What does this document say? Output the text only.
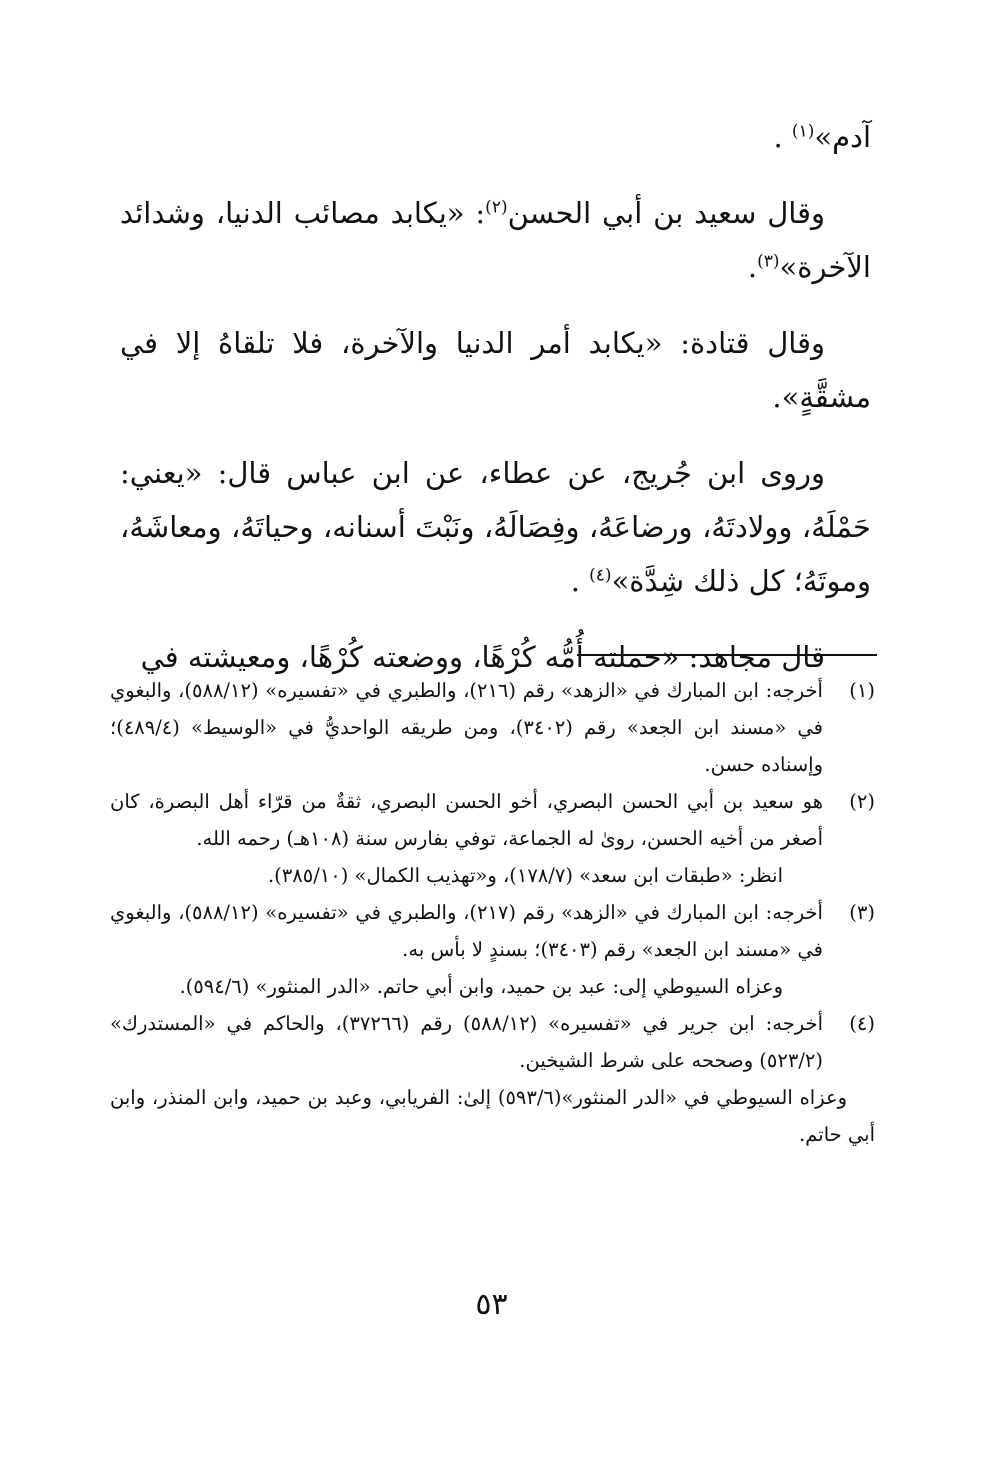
آدم»$^{(١)}$ .

وقال سعيد بن أبي الحسن$^{(٢)}$: «يكابد مصائب الدنيا، وشدائد الآخرة»$^{(٣)}$.

وقال قتادة: «يكابد أمر الدنيا والآخرة، فلا تلقاهُ إلا في مشقَّةٍ».

وروى ابن جُريج، عن عطاء، عن ابن عباس قال: «يعني: حَمْلَهُ، وولادتَهُ، ورضاعَهُ، وفِصَالَهُ، ونَبْتَ أسنانه، وحياتَهُ، ومعاشَهُ، وموتَهُ؛ كل ذلك شِدَّة»$^{(٤)}$ .

قال مجاهد: «حملته أُمُّه كُرْهًا، ووضعته كُرْهًا، ومعيشته في

(١)
أخرجه: ابن المبارك في «الزهد» رقم (٢١٦)، والطبري في «تفسيره» (٥٨٨/١٢)، والبغوي في «مسند ابن الجعد» رقم (٣٤٠٢)، ومن طريقه الواحديُّ في «الوسيط» (٤٨٩/٤)؛ وإسناده حسن.

(٢)
هو سعيد بن أبي الحسن البصري، أخو الحسن البصري، ثقةٌ من قرّاء أهل البصرة، كان أصغر من أخيه الحسن، روىٰ له الجماعة، توفي بفارس سنة (١٠٨هـ) رحمه الله.

انظر: «طبقات ابن سعد» (١٧٨/٧)، و«تهذيب الكمال» (٣٨٥/١٠).

(٣)
أخرجه: ابن المبارك في «الزهد» رقم (٢١٧)، والطبري في «تفسيره» (٥٨٨/١٢)، والبغوي في «مسند ابن الجعد» رقم (٣٤٠٣)؛ بسندٍ لا بأس به.

وعزاه السيوطي إلى: عبد بن حميد، وابن أبي حاتم. «الدر المنثور» (٥٩٤/٦).

(٤)
أخرجه: ابن جرير في «تفسيره» (٥٨٨/١٢) رقم (٣٧٢٦٦)، والحاكم في «المستدرك» (٥٢٣/٢) وصححه على شرط الشيخين.

وعزاه السيوطي في «الدر المنثور»(٥٩٣/٦) إلىٰ: الفريابي، وعبد بن حميد، وابن المنذر، وابن أبي حاتم.

٥٣
